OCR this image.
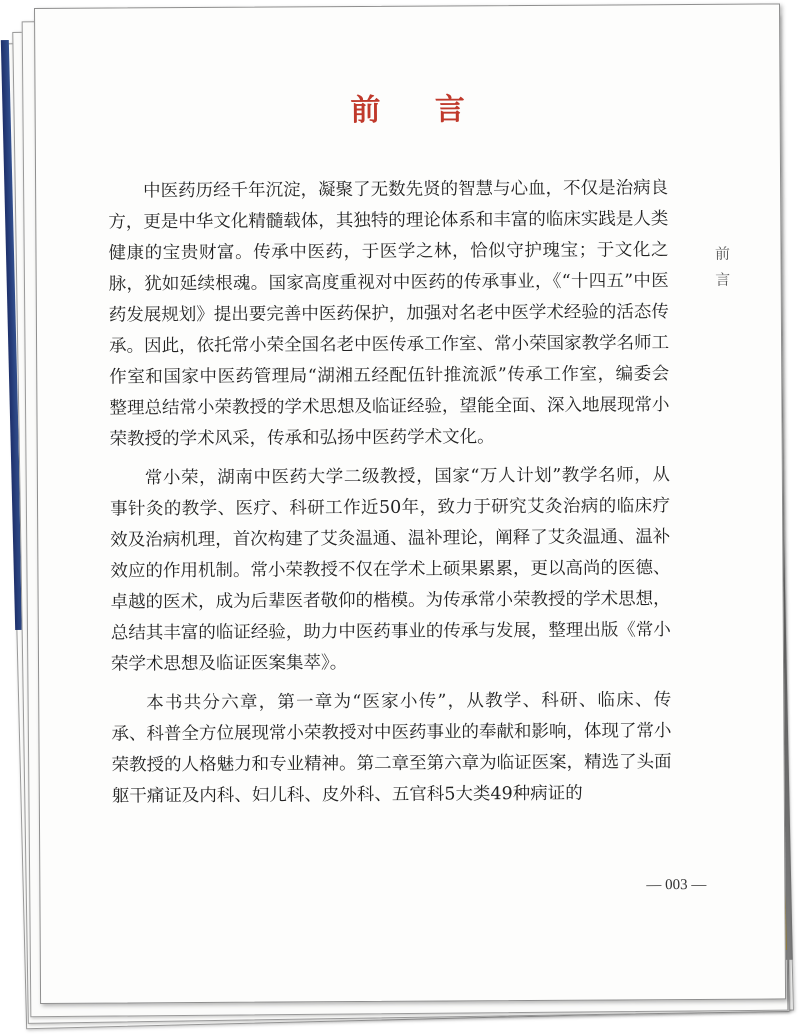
前 言
前
言

中医药历经千年沉淀，凝聚了无数先贤的智慧与心血，不仅是治病良方，更是中华文化精髓载体，其独特的理论体系和丰富的临床实践是人类健康的宝贵财富。传承中医药，于医学之林，恰似守护瑰宝；于文化之脉，犹如延续根魂。国家高度重视对中医药的传承事业，《“十四五”中医药发展规划》提出要完善中医药保护，加强对名老中医学术经验的活态传承。因此，依托常小荣全国名老中医传承工作室、常小荣国家教学名师工作室和国家中医药管理局“湖湘五经配伍针推流派”传承工作室，编委会整理总结常小荣教授的学术思想及临证经验，望能全面、深入地展现常小荣教授的学术风采，传承和弘扬中医药学术文化。

常小荣，湖南中医药大学二级教授，国家“万人计划”教学名师，从事针灸的教学、医疗、科研工作近50年，致力于研究艾灸治病的临床疗效及治病机理，首次构建了艾灸温通、温补理论，阐释了艾灸温通、温补效应的作用机制。常小荣教授不仅在学术上硕果累累，更以高尚的医德、卓越的医术，成为后辈医者敬仰的楷模。为传承常小荣教授的学术思想，总结其丰富的临证经验，助力中医药事业的传承与发展，整理出版《常小荣学术思想及临证医案集萃》。

本书共分六章，第一章为“医家小传”，从教学、科研、临床、传承、科普全方位展现常小荣教授对中医药事业的奉献和影响，体现了常小荣教授的人格魅力和专业精神。第二章至第六章为临证医案，精选了头面躯干痛证及内科、妇儿科、皮外科、五官科5大类49种病证的

— 003 —
